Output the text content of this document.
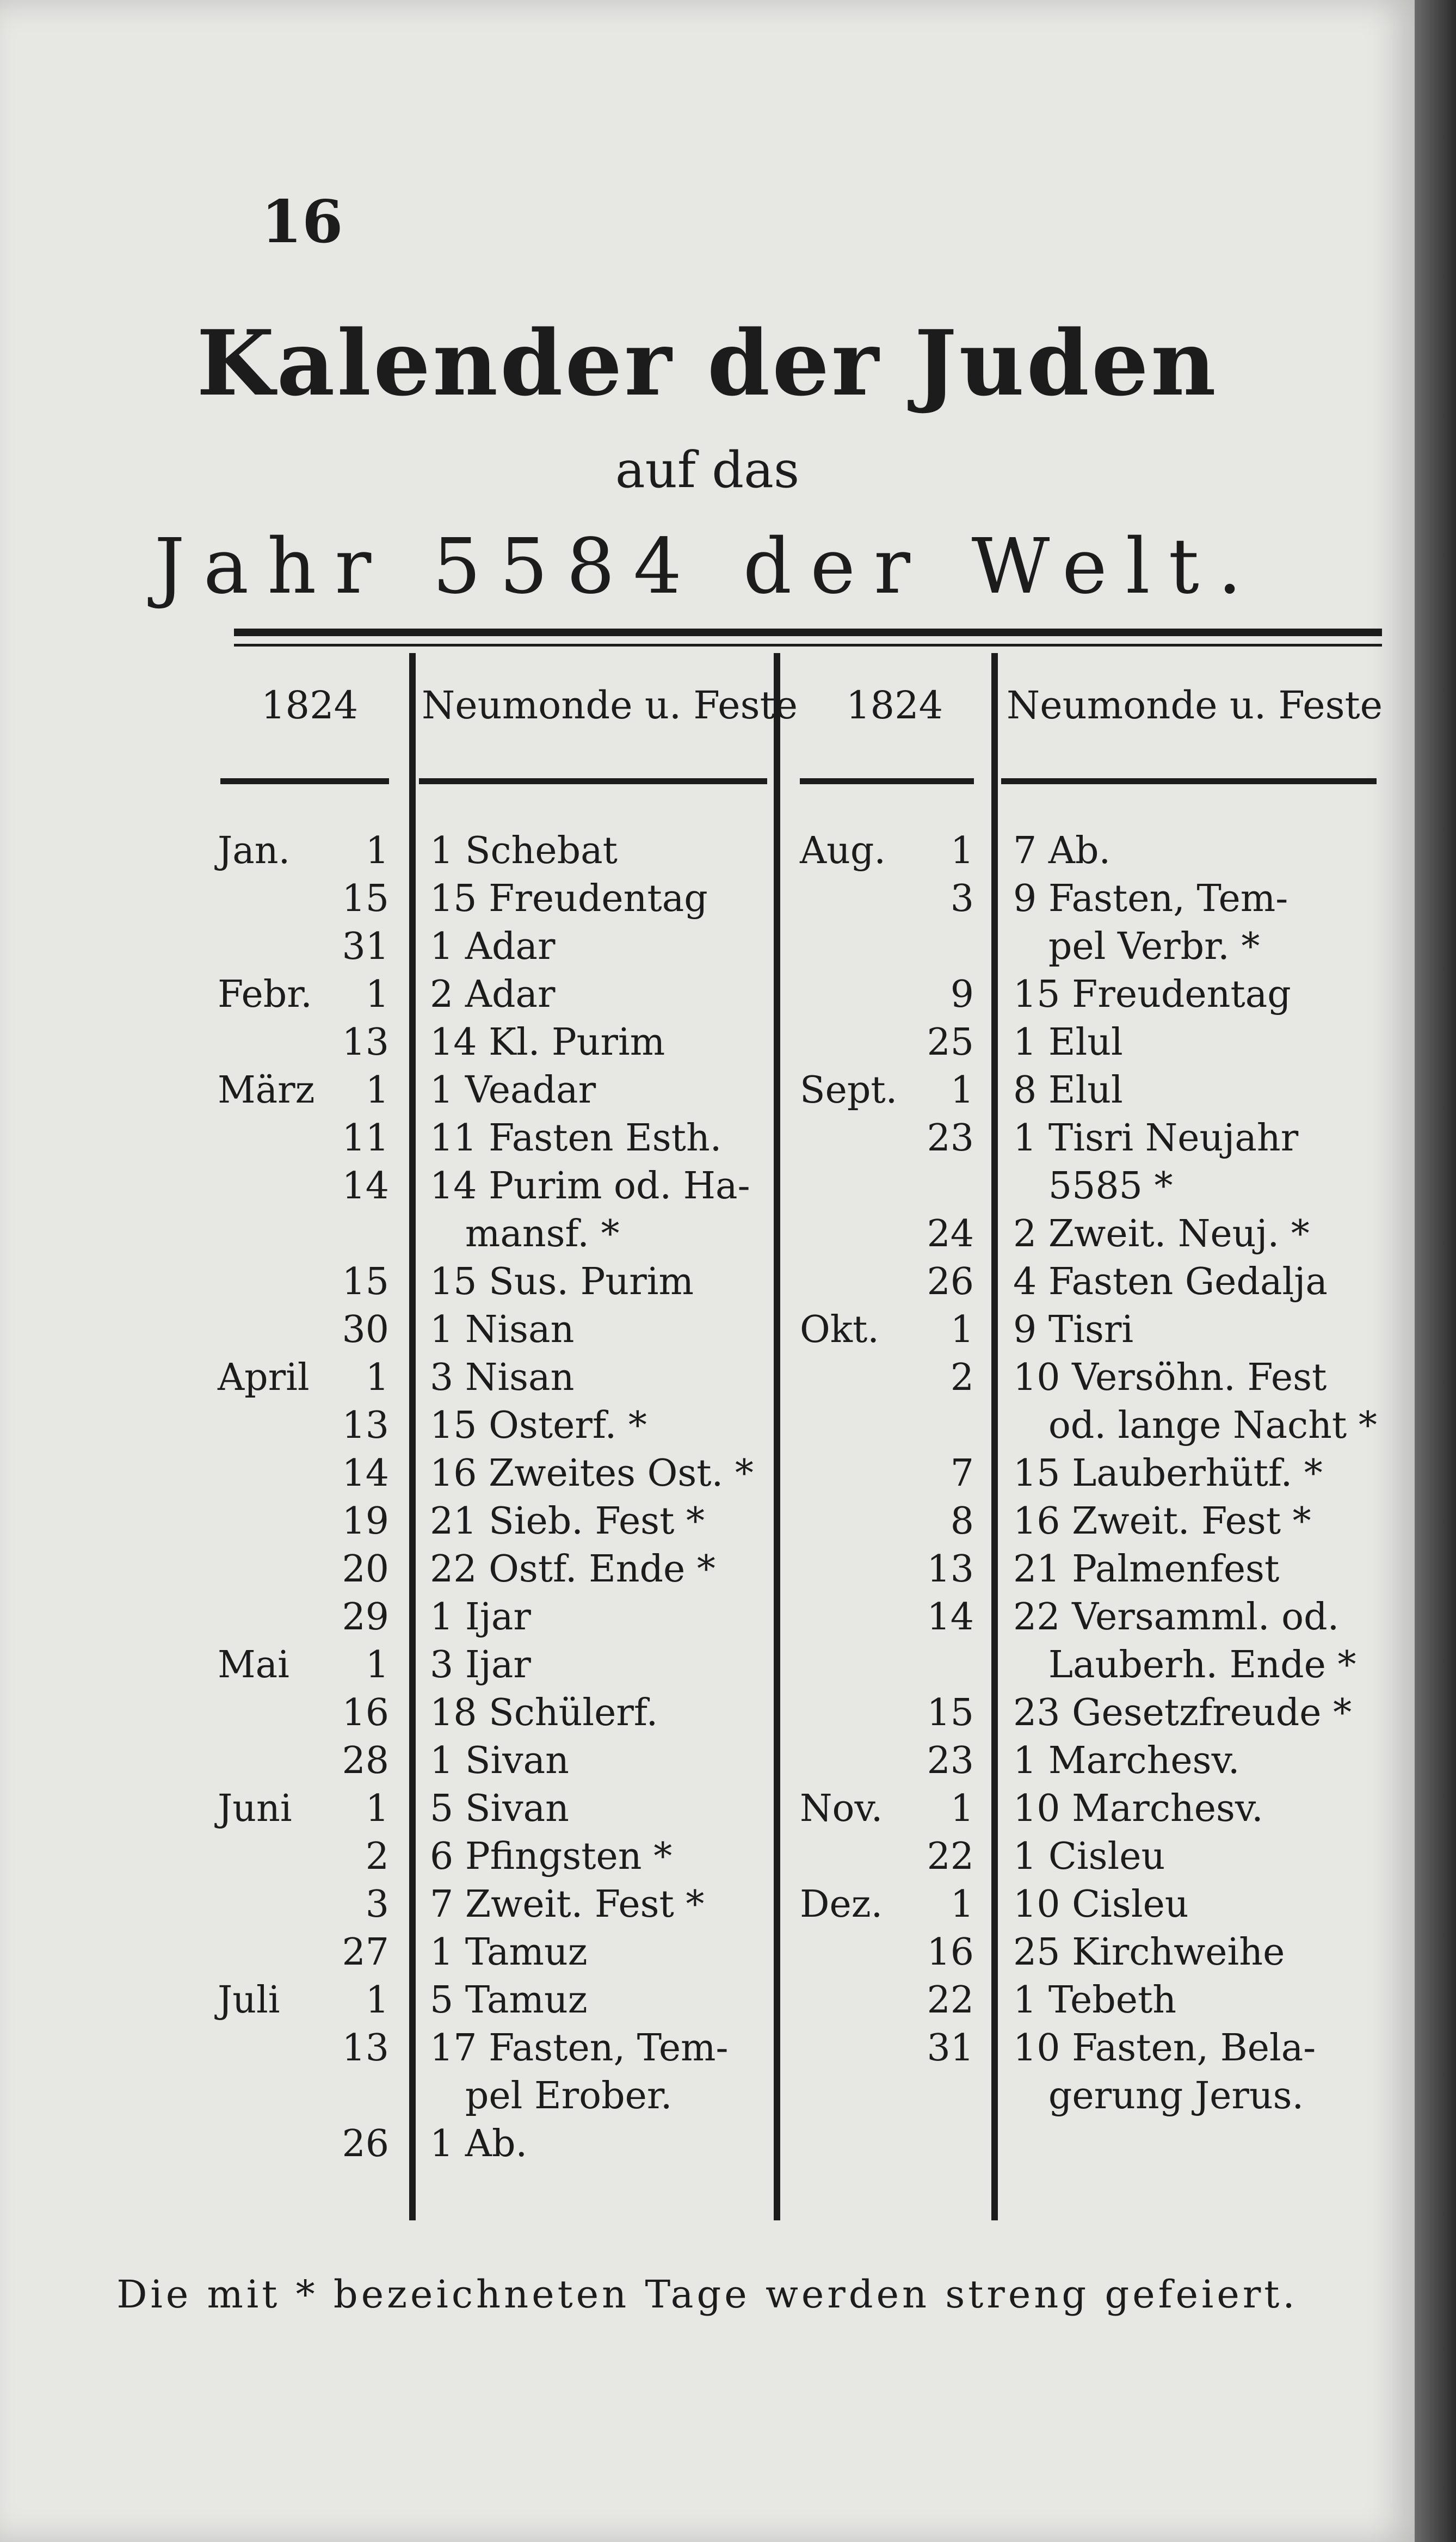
16
Kalender der Juden
auf das
Jahr 5584 der Welt.
1824 Neumonde u. Feste 1824 Neumonde u. Feste
Jan. 1
15
31
Febr. 1
13
März 1
11
14
15
30
April 1
13
14
19
20
29
Mai 1
16
28
Juni 1
2
3
27
Juli 1
13
26
1 Schebat
15 Freudentag
1 Adar
2 Adar
14 Kl. Purim
1 Veadar
11 Fasten Esth.
14 Purim od. Ha-
mansf. *
15 Sus. Purim
1 Nisan
3 Nisan
15 Osterf. *
16 Zweites Ost. *
21 Sieb. Fest *
22 Ostf. Ende *
1 Ijar
3 Ijar
18 Schülerf.
1 Sivan
5 Sivan
6 Pfingsten *
7 Zweit. Fest *
1 Tamuz
5 Tamuz
17 Fasten, Tem-
pel Erober.
1 Ab.
Aug. 1
3
9
25
Sept. 1
23
24
26
Okt. 1
2
7
8
13
14
15
23
Nov. 1
22
Dez. 1
16
22
31
7 Ab.
9 Fasten, Tem-
pel Verbr. *
15 Freudentag
1 Elul
8 Elul
1 Tisri Neujahr
5585 *
2 Zweit. Neuj. *
4 Fasten Gedalja
9 Tisri
10 Versöhn. Fest
od. lange Nacht *
15 Lauberhütf. *
16 Zweit. Fest *
21 Palmenfest
22 Versamml. od.
Lauberh. Ende *
23 Gesetzfreude *
1 Marchesv.
10 Marchesv.
1 Cisleu
10 Cisleu
25 Kirchweihe
1 Tebeth
10 Fasten, Bela-
gerung Jerus.
Die mit * bezeichneten Tage werden streng gefeiert.
